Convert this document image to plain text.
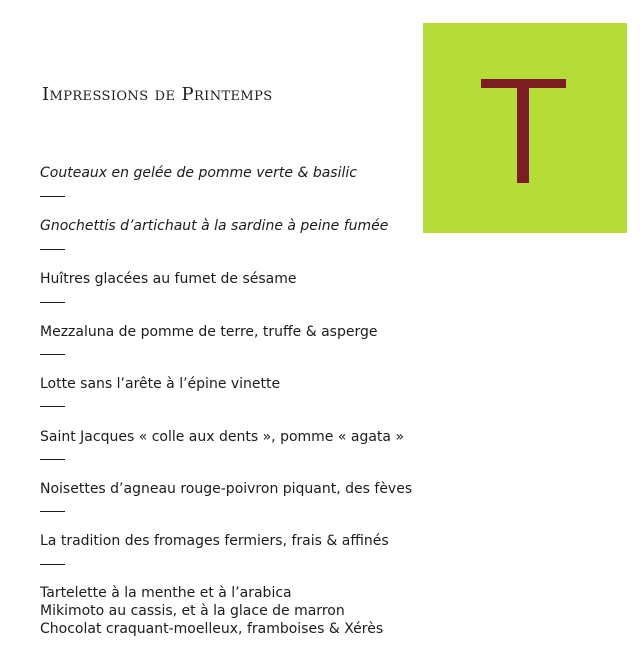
Impressions de Printemps

Couteaux en gelée de pomme verte & basilic

Gnochettis d’artichaut à la sardine à peine fumée

Huîtres glacées au fumet de sésame

Mezzaluna de pomme de terre, truffe & asperge

Lotte sans l’arête à l’épine vinette

Saint Jacques « colle aux dents », pomme « agata »

Noisettes d’agneau rouge-poivron piquant, des fèves

La tradition des fromages fermiers, frais & affinés

Tartelette à la menthe et à l’arabica
Mikimoto au cassis, et à la glace de marron
Chocolat craquant-moelleux, framboises & Xérès
